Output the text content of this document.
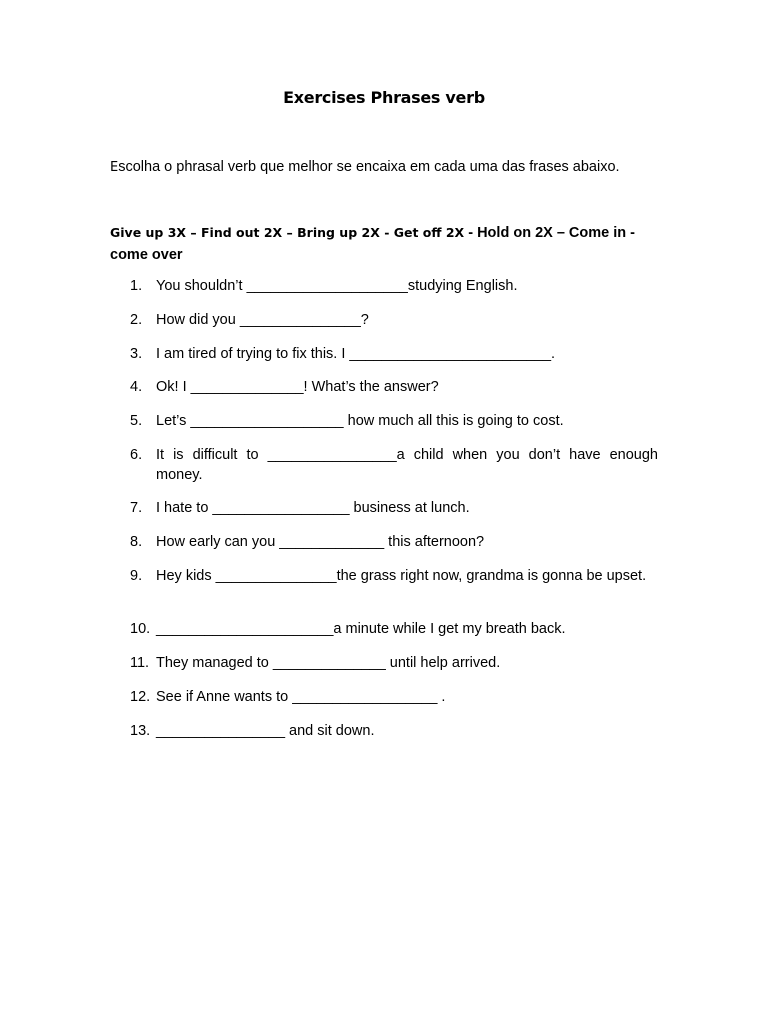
Exercises Phrases verb
Escolha o phrasal verb que melhor se encaixa em cada uma das frases abaixo.
Give up 3X – Find out 2X – Bring up 2X - Get off 2X - Hold on 2X – Come in - come over
1. You shouldn’t ____________________studying English.
2. How did you _______________?
3. I am tired of trying to fix this. I _________________________.
4. Ok! I ______________! What’s the answer?
5. Let’s ___________________ how much all this is going to cost.
6. It is difficult to ________________a child when you don’t have enough money.
7. I hate to _________________ business at lunch.
8. How early can you _____________ this afternoon?
9. Hey kids _______________the grass right now, grandma is gonna be upset.
10. ______________________a minute while I get my breath back.
11. They managed to ______________ until help arrived.
12. See if Anne wants to __________________ .
13. ________________ and sit down.
